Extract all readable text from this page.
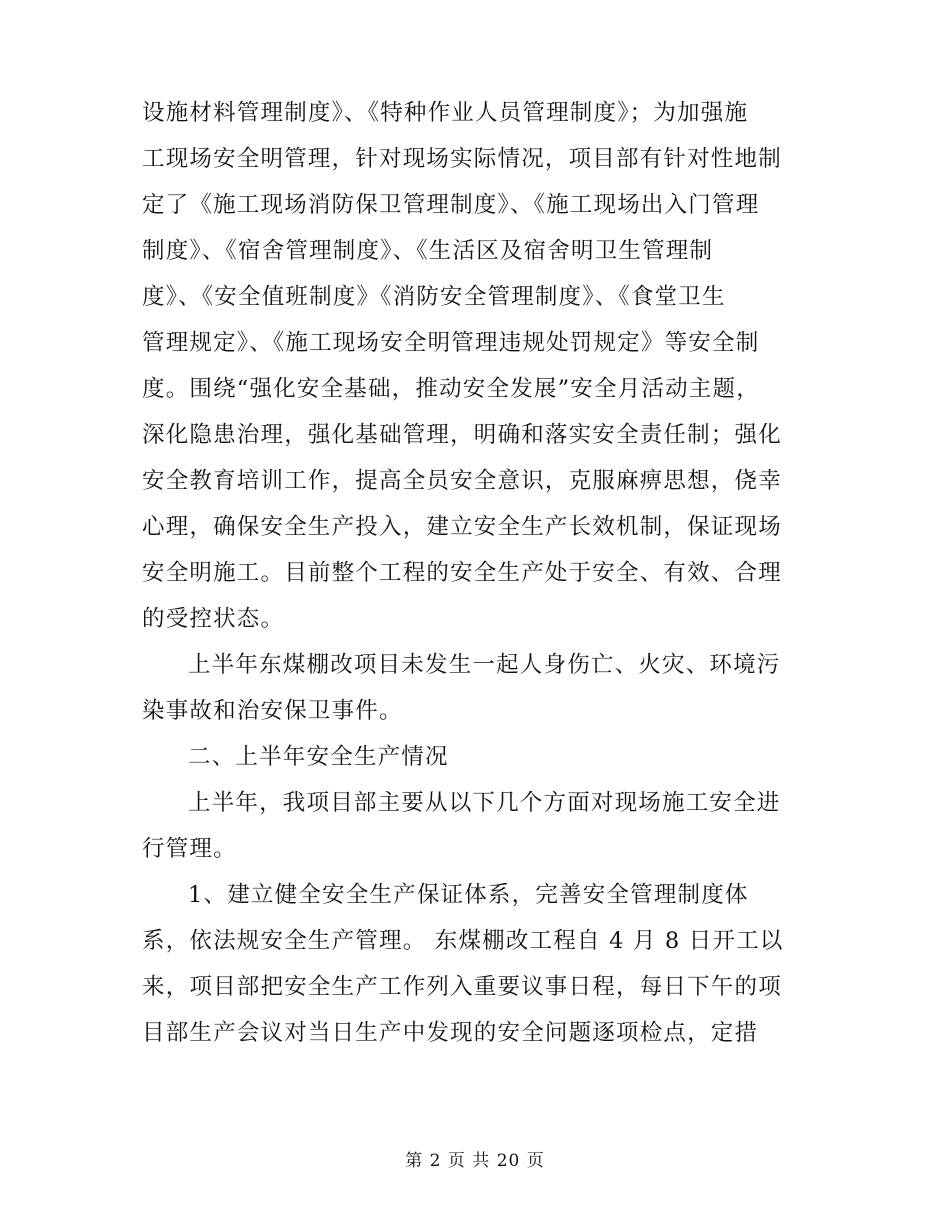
设施材料管理制度》、《特种作业人员管理制度》；为加强施
工现场安全明管理，针对现场实际情况，项目部有针对性地制
定了《施工现场消防保卫管理制度》、《施工现场出入门管理
制度》、《宿舍管理制度》、《生活区及宿舍明卫生管理制
度》、《安全值班制度》《消防安全管理制度》、《食堂卫生
管理规定》、《施工现场安全明管理违规处罚规定》等安全制
度。围绕“强化安全基础，推动安全发展”安全月活动主题，
深化隐患治理，强化基础管理，明确和落实安全责任制；强化
安全教育培训工作，提高全员安全意识，克服麻痹思想，侥幸
心理，确保安全生产投入，建立安全生产长效机制，保证现场
安全明施工。目前整个工程的安全生产处于安全、有效、合理
的受控状态。
上半年东煤棚改项目未发生一起人身伤亡、火灾、环境污
染事故和治安保卫事件。
二、上半年安全生产情况
上半年，我项目部主要从以下几个方面对现场施工安全进
行管理。
1、建立健全安全生产保证体系，完善安全管理制度体
系，依法规安全生产管理。 东煤棚改工程自 4 月 8 日开工以
来，项目部把安全生产工作列入重要议事日程，每日下午的项
目部生产会议对当日生产中发现的安全问题逐项检点，定措
第 2 页 共 20 页
